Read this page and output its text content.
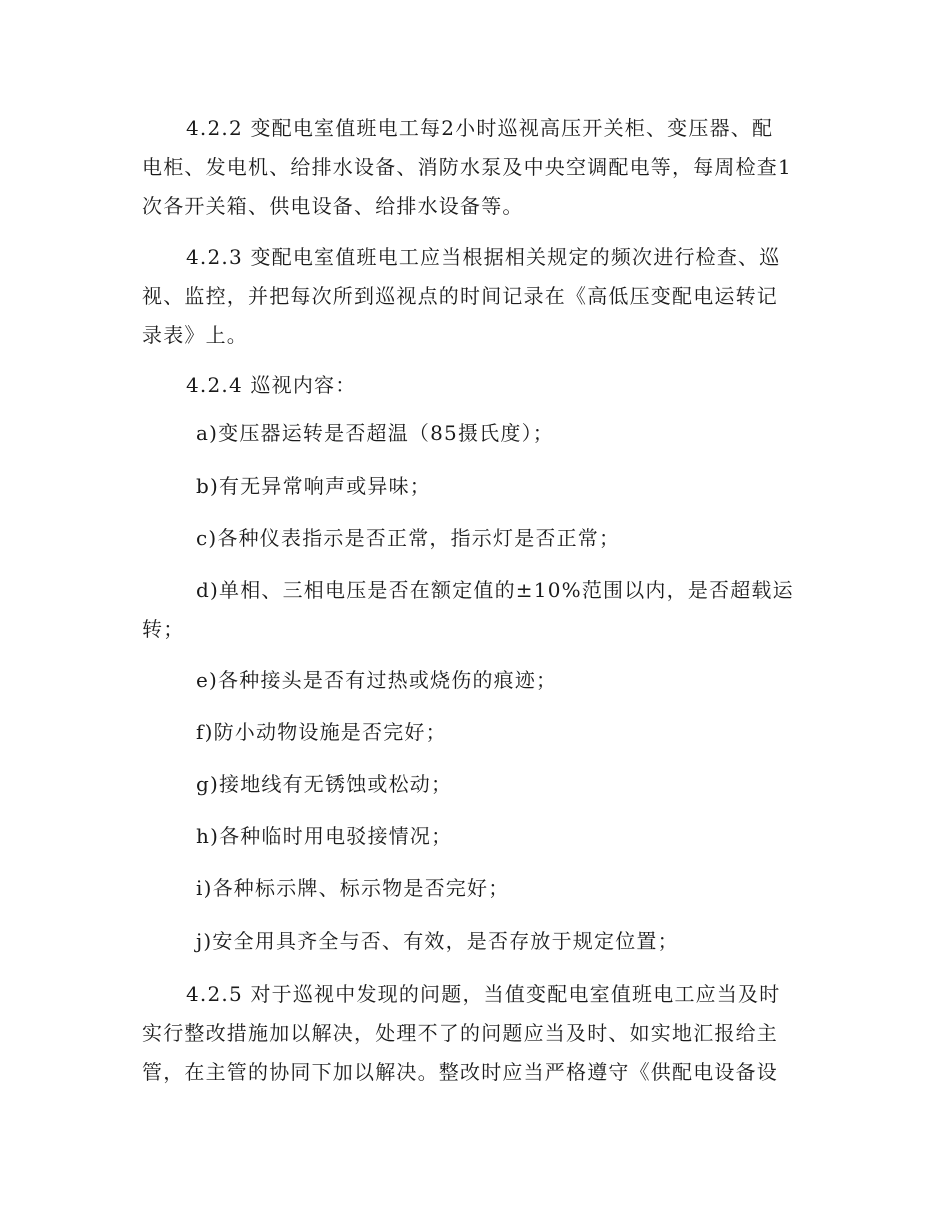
4.2.2 变配电室值班电工每2小时巡视高压开关柜、变压器、配
电柜、发电机、给排水设备、消防水泵及中央空调配电等，每周检查1
次各开关箱、供电设备、给排水设备等。
4.2.3 变配电室值班电工应当根据相关规定的频次进行检查、巡
视、监控，并把每次所到巡视点的时间记录在《高低压变配电运转记
录表》上。
4.2.4 巡视内容：
a)变压器运转是否超温（85摄氏度）；
b)有无异常响声或异味；
c)各种仪表指示是否正常，指示灯是否正常；
d)单相、三相电压是否在额定值的±10%范围以内，是否超载运
转；
e)各种接头是否有过热或烧伤的痕迹；
f)防小动物设施是否完好；
g)接地线有无锈蚀或松动；
h)各种临时用电驳接情况；
i)各种标示牌、标示物是否完好；
j)安全用具齐全与否、有效，是否存放于规定位置；
4.2.5 对于巡视中发现的问题，当值变配电室值班电工应当及时
实行整改措施加以解决，处理不了的问题应当及时、如实地汇报给主
管，在主管的协同下加以解决。整改时应当严格遵守《供配电设备设
